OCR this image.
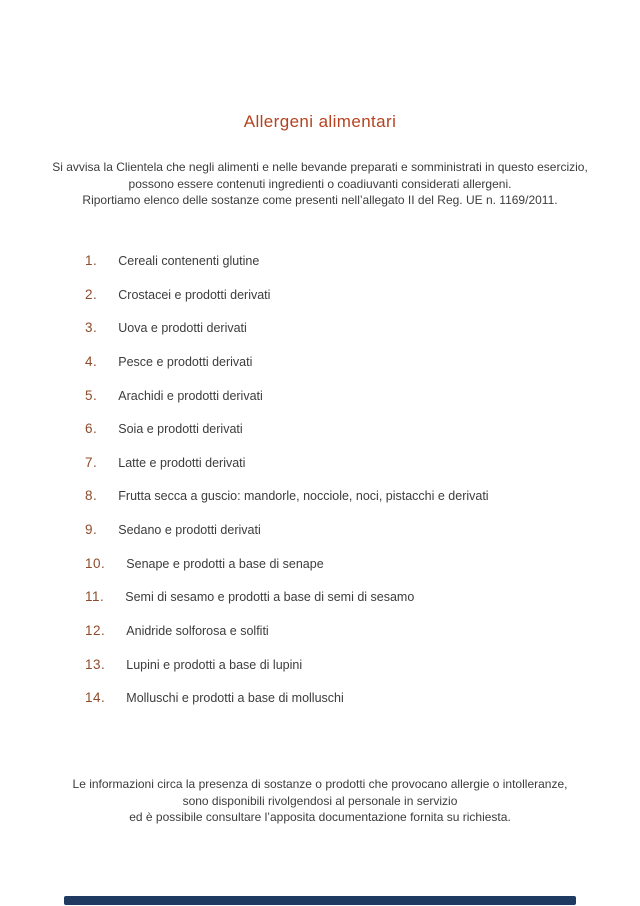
Allergeni alimentari
Si avvisa la Clientela che negli alimenti e nelle bevande preparati e somministrati in questo esercizio,
possono essere contenuti ingredienti o coadiuvanti considerati allergeni.
Riportiamo elenco delle sostanze come presenti nell’allegato II del Reg. UE n. 1169/2011.
1. Cereali contenenti glutine
2. Crostacei e prodotti derivati
3. Uova e prodotti derivati
4. Pesce e prodotti derivati
5. Arachidi e prodotti derivati
6. Soia e prodotti derivati
7. Latte e prodotti derivati
8. Frutta secca a guscio: mandorle, nocciole, noci, pistacchi e derivati
9. Sedano e prodotti derivati
10. Senape e prodotti a base di senape
11. Semi di sesamo e prodotti a base di semi di sesamo
12. Anidride solforosa e solfiti
13. Lupini e prodotti a base di lupini
14. Molluschi e prodotti a base di molluschi
Le informazioni circa la presenza di sostanze o prodotti che provocano allergie o intolleranze,
sono disponibili rivolgendosi al personale in servizio
ed è possibile consultare l’apposita documentazione fornita su richiesta.
